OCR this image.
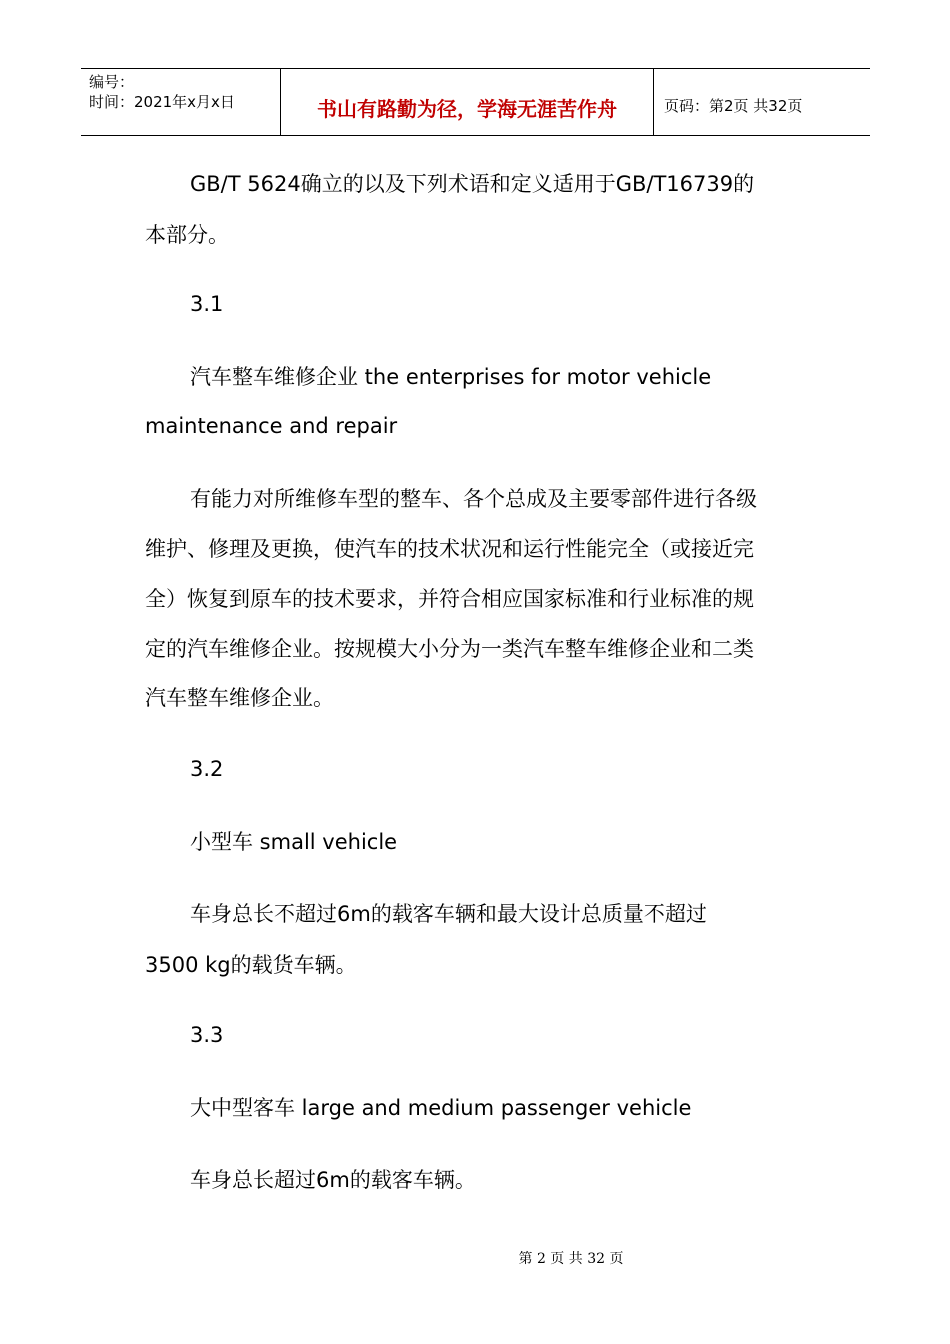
编号：
时间：2021年x月x日	书山有路勤为径，学海无涯苦作舟	页码：第2页 共32页
GB/T 5624确立的以及下列术语和定义适用于GB/T16739的
本部分。
3.1
汽车整车维修企业 the enterprises for motor vehicle
maintenance and repair
有能力对所维修车型的整车、各个总成及主要零部件进行各级
维护、修理及更换，使汽车的技术状况和运行性能完全（或接近完
全）恢复到原车的技术要求，并符合相应国家标准和行业标准的规
定的汽车维修企业。按规模大小分为一类汽车整车维修企业和二类
汽车整车维修企业。
3.2
小型车 small vehicle
车身总长不超过6m的载客车辆和最大设计总质量不超过
3500 kg的载货车辆。
3.3
大中型客车 large and medium passenger vehicle
车身总长超过6m的载客车辆。
第 2 页 共 32 页
